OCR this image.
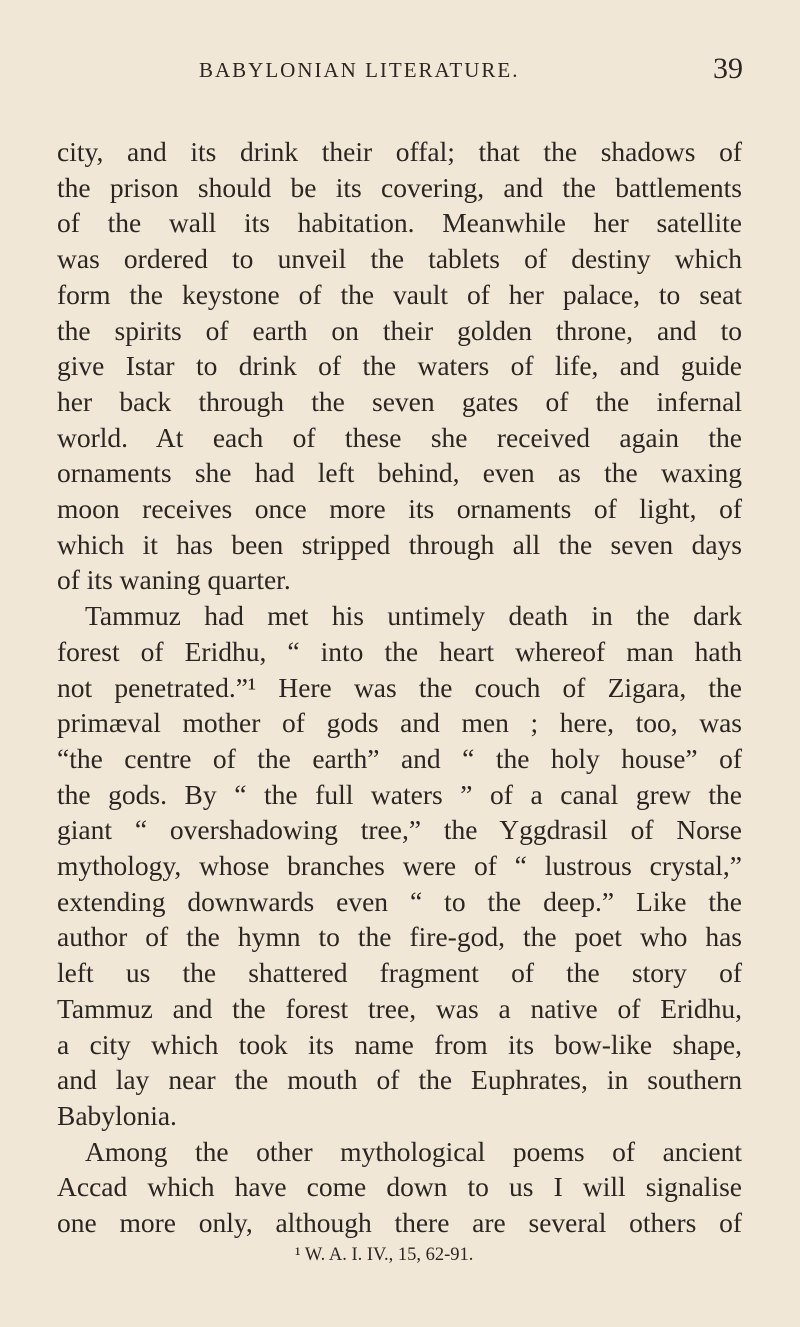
BABYLONIAN LITERATURE.	39
city, and its drink their offal; that the shadows of
the prison should be its covering, and the battlements
of the wall its habitation. Meanwhile her satellite
was ordered to unveil the tablets of destiny which
form the keystone of the vault of her palace, to seat
the spirits of earth on their golden throne, and to
give Istar to drink of the waters of life, and guide
her back through the seven gates of the infernal
world. At each of these she received again the
ornaments she had left behind, even as the waxing
moon receives once more its ornaments of light, of
which it has been stripped through all the seven days
of its waning quarter.
Tammuz had met his untimely death in the dark
forest of Eridhu, “ into the heart whereof man hath
not penetrated.”¹ Here was the couch of Zigara, the
primæval mother of gods and men ; here, too, was
“the centre of the earth” and “ the holy house” of
the gods. By “ the full waters ” of a canal grew the
giant “ overshadowing tree,” the Yggdrasil of Norse
mythology, whose branches were of “ lustrous crystal,”
extending downwards even “ to the deep.” Like the
author of the hymn to the fire-god, the poet who has
left us the shattered fragment of the story of
Tammuz and the forest tree, was a native of Eridhu,
a city which took its name from its bow-like shape,
and lay near the mouth of the Euphrates, in southern
Babylonia.
Among the other mythological poems of ancient
Accad which have come down to us I will signalise
one more only, although there are several others of
¹ W. A. I. IV., 15, 62-91.
